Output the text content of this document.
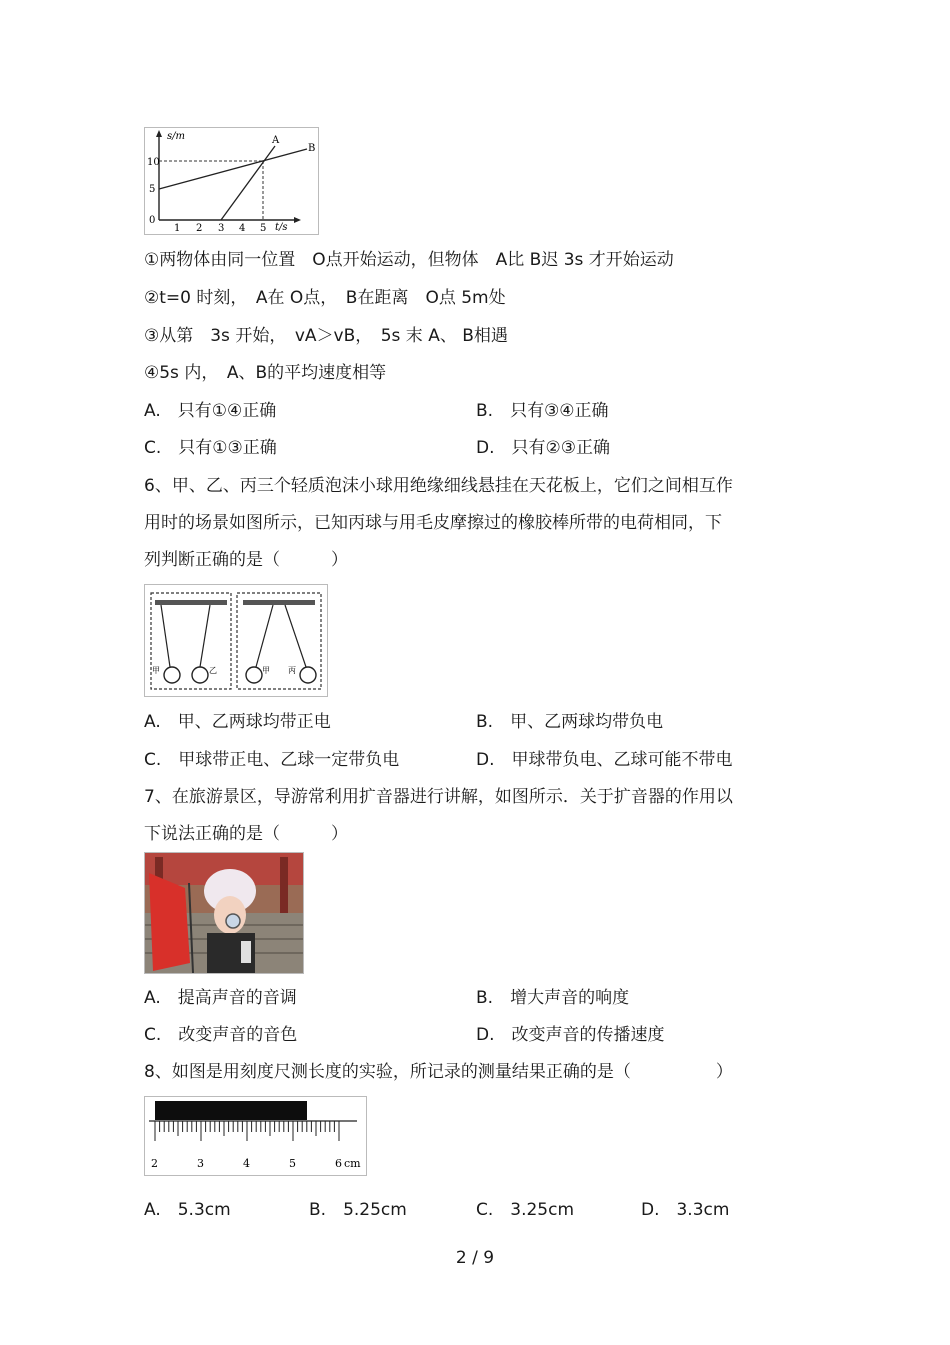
s/m
t/s
10
5
0
1 2 3 4 5
A
B
①两物体由同一位置　O点开始运动，但物体　A比 B迟 3s 才开始运动
②t=0 时刻，　A在 O点，　B在距离　O点 5m处
③从第　3s 开始，　vA＞vB，　5s 末 A、 B相遇
④5s 内，　A、B的平均速度相等
A.　只有①④正确	B.　只有③④正确
C.　只有①③正确	D.　只有②③正确
6、甲、乙、丙三个轻质泡沫小球用绝缘细线悬挂在天花板上，它们之间相互作
用时的场景如图所示，已知丙球与用毛皮摩擦过的橡胶棒所带的电荷相同，下
列判断正确的是（　　　）
甲	乙	甲 丙
A.　甲、乙两球均带正电	B.　甲、乙两球均带负电
C.　甲球带正电、乙球一定带负电	D.　甲球带负电、乙球可能不带电
7、在旅游景区，导游常利用扩音器进行讲解，如图所示．关于扩音器的作用以
下说法正确的是（　　　）
A.　提高声音的音调	B.　增大声音的响度
C.　改变声音的音色	D.　改变声音的传播速度
8、如图是用刻度尺测长度的实验，所记录的测量结果正确的是（　　　　　）
2	3	4	5	6 cm
A.　5.3cm	B.　5.25cm	C.　3.25cm	D.　3.3cm
2 / 9
